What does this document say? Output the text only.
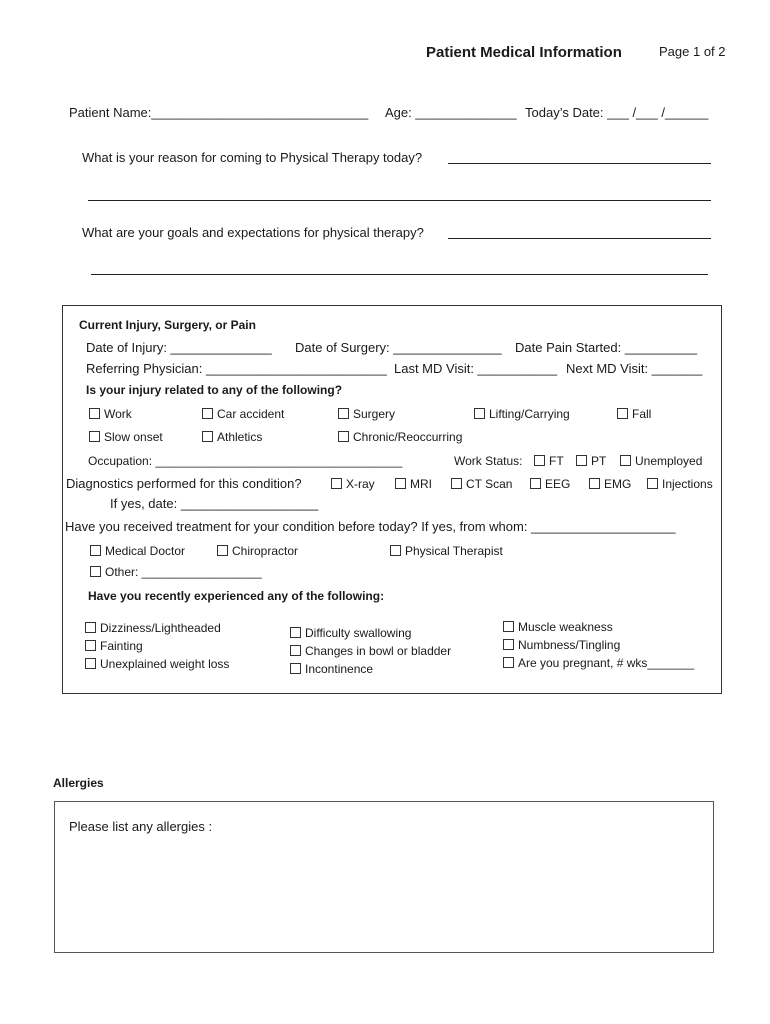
Patient Medical Information	Page 1 of 2
Patient Name:______________________________ Age: ______________ Today’s Date: ___ /___ /______
What is your reason for coming to Physical Therapy today?
What are your goals and expectations for physical therapy?
Current Injury, Surgery, or Pain
Date of Injury: ______________ Date of Surgery: _______________ Date Pain Started: __________
Referring Physician: _________________________ Last MD Visit: ___________ Next MD Visit: _______
Is your injury related to any of the following?
Work	Car accident	Surgery	Lifting/Carrying	Fall
Slow onset	Athletics	Chronic/Reoccurring
Occupation: _____________________________________	Work Status:	FT	PT	Unemployed
Diagnostics performed for this condition?	X-ray	MRI	CT Scan	EEG	EMG	Injections
If yes, date: ___________________
Have you received treatment for your condition before today? If yes, from whom: ____________________
Medical Doctor	Chiropractor	Physical Therapist
Other: __________________
Have you recently experienced any of the following:
Dizziness/Lightheaded
Fainting
Unexplained weight loss
Difficulty swallowing
Changes in bowl or bladder
Incontinence
Muscle weakness
Numbness/Tingling
Are you pregnant, # wks_______
Allergies
Please list any allergies :
